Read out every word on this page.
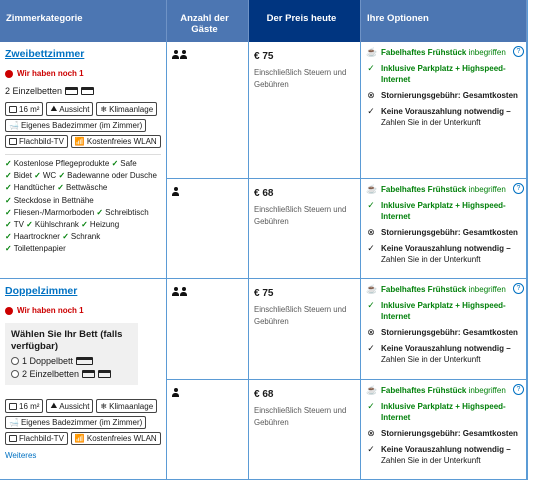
Zimmerkategorie	Anzahl der Gäste
Der Preis heute	Ihre Optionen
Zweibettzimmer
Wir haben noch 1
2 Einzelbetten
16 m² ⛰ Aussicht ❄ Klimaanlage
🛁 Eigenes Badezimmer (im Zimmer)
Flachbild-TV 📶 Kostenfreies WLAN
✓ Kostenlose Pflegeprodukte ✓ Safe
✓ Bidet ✓ WC ✓ Badewanne oder Dusche
✓ Handtücher ✓ Bettwäsche
✓ Steckdose in Bettnähe
✓ Fliesen-/Marmorboden ✓ Schreibtisch
✓ TV ✓ Kühlschrank ✓ Heizung
✓ Haartrockner ✓ Schrank
✓ Toilettenpapier
Doppelzimmer
Wir haben noch 1
Wählen Sie Ihr Bett (falls verfügbar)
1 Doppelbett
2 Einzelbetten
16 m² ⛰ Aussicht ❄ Klimaanlage
🛁 Eigenes Badezimmer (im Zimmer)
Flachbild-TV 📶 Kostenfreies WLAN
Weiteres
€ 75
Einschließlich Steuern und Gebühren
€ 68
Einschließlich Steuern und Gebühren
€ 75
Einschließlich Steuern und Gebühren
€ 68
Einschließlich Steuern und Gebühren
☕ Fabelhaftes Frühstück inbegriffen
✓ Inklusive Parkplatz + Highspeed-Internet
⊗ Stornierungsgebühr: Gesamtkosten
✓ Keine Vorauszahlung notwendig –
Zahlen Sie in der Unterkunft
?
☕ Fabelhaftes Frühstück inbegriffen
✓ Inklusive Parkplatz + Highspeed-Internet
⊗ Stornierungsgebühr: Gesamtkosten
✓ Keine Vorauszahlung notwendig –
Zahlen Sie in der Unterkunft
?
☕ Fabelhaftes Frühstück inbegriffen
✓ Inklusive Parkplatz + Highspeed-Internet
⊗ Stornierungsgebühr: Gesamtkosten
✓ Keine Vorauszahlung notwendig –
Zahlen Sie in der Unterkunft
?
☕ Fabelhaftes Frühstück inbegriffen
✓ Inklusive Parkplatz + Highspeed-Internet
⊗ Stornierungsgebühr: Gesamtkosten
✓ Keine Vorauszahlung notwendig –
Zahlen Sie in der Unterkunft
?
